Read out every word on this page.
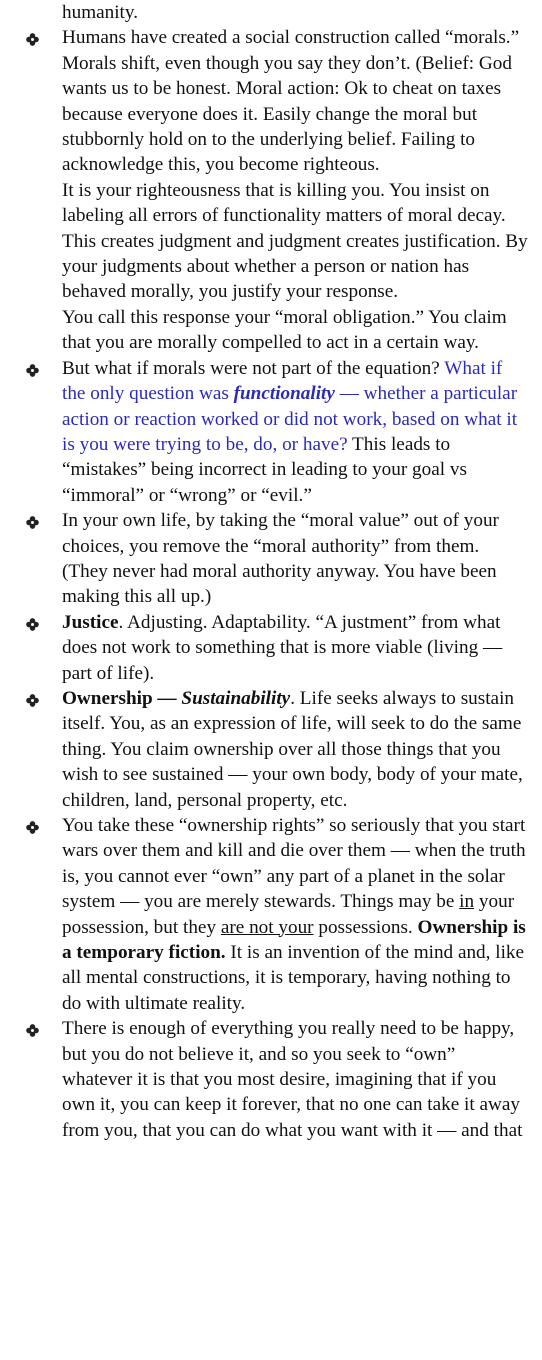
humanity.
Humans have created a social construction called “morals.” Morals shift, even though you say they don’t. (Belief: God wants us to be honest. Moral action: Ok to cheat on taxes because everyone does it. Easily change the moral but stubbornly hold on to the underlying belief. Failing to acknowledge this, you become righteous.
It is your righteousness that is killing you. You insist on labeling all errors of functionality matters of moral decay. This creates judgment and judgment creates justification. By your judgments about whether a person or nation has behaved morally, you justify your response.
You call this response your “moral obligation.” You claim that you are morally compelled to act in a certain way.
But what if morals were not part of the equation? What if the only question was functionality — whether a particular action or reaction worked or did not work, based on what it is you were trying to be, do, or have? This leads to “mistakes” being incorrect in leading to your goal vs “immoral” or “wrong” or “evil.”
In your own life, by taking the “moral value” out of your choices, you remove the “moral authority” from them. (They never had moral authority anyway. You have been making this all up.)
Justice. Adjusting. Adaptability. “A justment” from what does not work to something that is more viable (living — part of life).
Ownership — Sustainability. Life seeks always to sustain itself. You, as an expression of life, will seek to do the same thing. You claim ownership over all those things that you wish to see sustained — your own body, body of your mate, children, land, personal property, etc.
You take these “ownership rights” so seriously that you start wars over them and kill and die over them — when the truth is, you cannot ever “own” any part of a planet in the solar system — you are merely stewards. Things may be in your possession, but they are not your possessions. Ownership is a temporary fiction. It is an invention of the mind and, like all mental constructions, it is temporary, having nothing to do with ultimate reality.
There is enough of everything you really need to be happy, but you do not believe it, and so you seek to “own” whatever it is that you most desire, imagining that if you own it, you can keep it forever, that no one can take it away from you, that you can do what you want with it — and that
